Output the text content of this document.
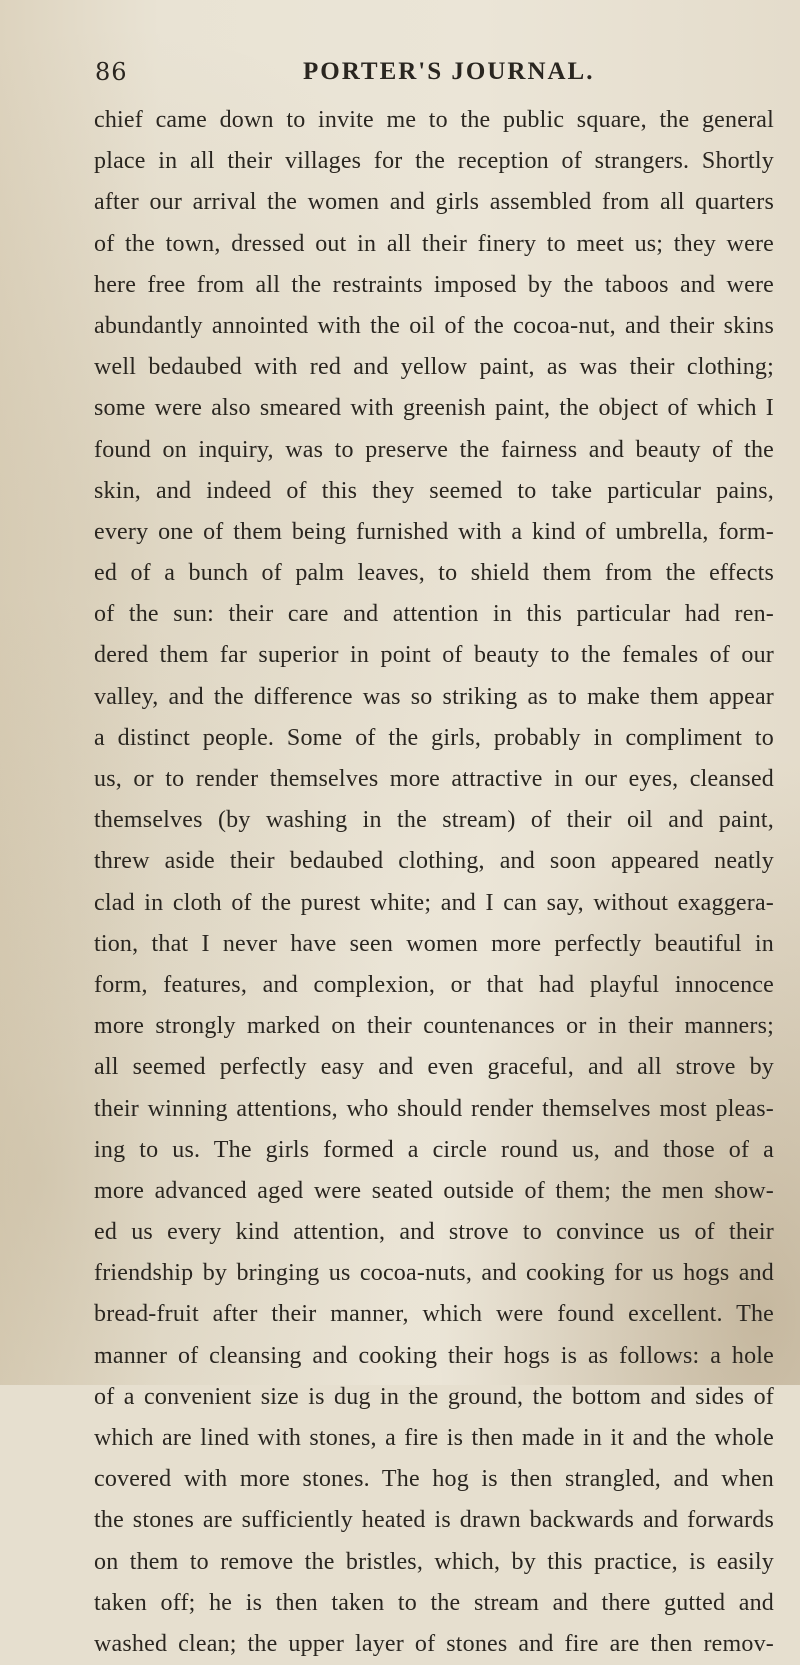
86	PORTER'S JOURNAL.
chief came down to invite me to the public square, the general
place in all their villages for the reception of strangers. Shortly
after our arrival the women and girls assembled from all quarters
of the town, dressed out in all their finery to meet us; they were
here free from all the restraints imposed by the taboos and were
abundantly annointed with the oil of the cocoa-nut, and their skins
well bedaubed with red and yellow paint, as was their clothing;
some were also smeared with greenish paint, the object of which I
found on inquiry, was to preserve the fairness and beauty of the
skin, and indeed of this they seemed to take particular pains,
every one of them being furnished with a kind of umbrella, form-
ed of a bunch of palm leaves, to shield them from the effects
of the sun: their care and attention in this particular had ren-
dered them far superior in point of beauty to the females of our
valley, and the difference was so striking as to make them appear
a distinct people. Some of the girls, probably in compliment to
us, or to render themselves more attractive in our eyes, cleansed
themselves (by washing in the stream) of their oil and paint,
threw aside their bedaubed clothing, and soon appeared neatly
clad in cloth of the purest white; and I can say, without exaggera-
tion, that I never have seen women more perfectly beautiful in
form, features, and complexion, or that had playful innocence
more strongly marked on their countenances or in their manners;
all seemed perfectly easy and even graceful, and all strove by
their winning attentions, who should render themselves most pleas-
ing to us. The girls formed a circle round us, and those of a
more advanced aged were seated outside of them; the men show-
ed us every kind attention, and strove to convince us of their
friendship by bringing us cocoa-nuts, and cooking for us hogs and
bread-fruit after their manner, which were found excellent. The
manner of cleansing and cooking their hogs is as follows: a hole
of a convenient size is dug in the ground, the bottom and sides of
which are lined with stones, a fire is then made in it and the whole
covered with more stones. The hog is then strangled, and when
the stones are sufficiently heated is drawn backwards and forwards
on them to remove the bristles, which, by this practice, is easily
taken off; he is then taken to the stream and there gutted and
washed clean; the upper layer of stones and fire are then remov-
